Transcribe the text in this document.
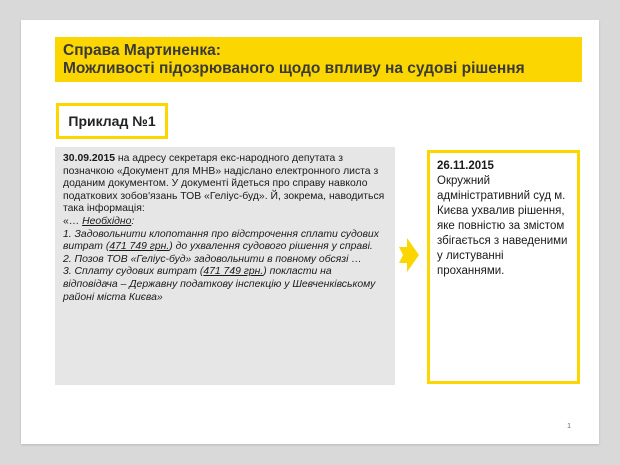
Справа Мартиненка:
Можливості підозрюваного щодо впливу на судові рішення
Приклад №1

30.09.2015 на адресу секретаря екс-народного депутата з позначкою «Документ для МНВ» надіслано електронного листа з доданим документом. У документі йдеться про справу навколо податкових зобов'язань ТОВ «Геліус-буд». Й, зокрема, наводиться така інформація:

«… Необхідно:

1. Задовольнити клопотання про відстрочення сплати судових витрат (471 749 грн.) до ухвалення судового рішення у справі.

2. Позов ТОВ «Геліус-буд» задовольнити в повному обсязі …

3. Сплату судових витрат (471 749 грн.) покласти на відповідача – Державну податкову інспекцію у Шевченківському районі міста Києва»

26.11.2015
Окружний адміністративний суд м. Києва ухвалив рішення, яке повністю за змістом збігається з наведеними у листуванні проханнями.
1
